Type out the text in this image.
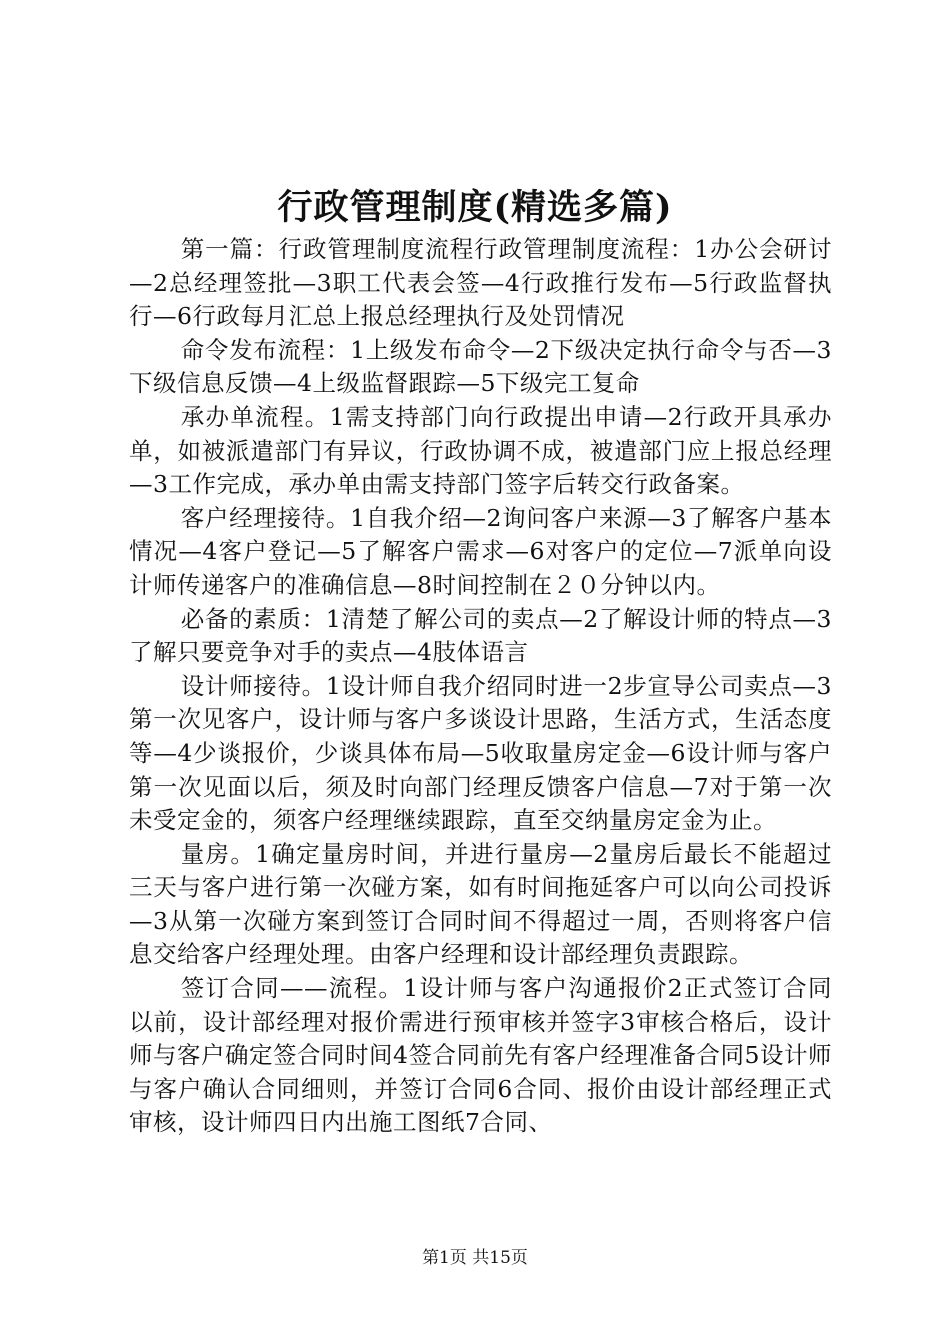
行政管理制度(精选多篇)

第一篇：行政管理制度流程行政管理制度流程：1办公会研讨—2总经理签批—3职工代表会签—4行政推行发布—5行政监督执行—6行政每月汇总上报总经理执行及处罚情况

命令发布流程：1上级发布命令—2下级决定执行命令与否—3下级信息反馈—4上级监督跟踪—5下级完工复命

承办单流程。1需支持部门向行政提出申请—2行政开具承办单，如被派遣部门有异议，行政协调不成，被遣部门应上报总经理—3工作完成，承办单由需支持部门签字后转交行政备案。

客户经理接待。1自我介绍—2询问客户来源—3了解客户基本情况—4客户登记—5了解客户需求—6对客户的定位—7派单向设计师传递客户的准确信息—8时间控制在２０分钟以内。

必备的素质：1清楚了解公司的卖点—2了解设计师的特点—3了解只要竞争对手的卖点—4肢体语言

设计师接待。1设计师自我介绍同时进一2步宣导公司卖点—3第一次见客户，设计师与客户多谈设计思路，生活方式，生活态度等—4少谈报价，少谈具体布局—5收取量房定金—6设计师与客户第一次见面以后，须及时向部门经理反馈客户信息—7对于第一次未受定金的，须客户经理继续跟踪，直至交纳量房定金为止。

量房。1确定量房时间，并进行量房—2量房后最长不能超过三天与客户进行第一次碰方案，如有时间拖延客户可以向公司投诉—3从第一次碰方案到签订合同时间不得超过一周，否则将客户信息交给客户经理处理。由客户经理和设计部经理负责跟踪。

签订合同——流程。1设计师与客户沟通报价2正式签订合同以前，设计部经理对报价需进行预审核并签字3审核合格后，设计师与客户确定签合同时间4签合同前先有客户经理准备合同5设计师与客户确认合同细则，并签订合同6合同、报价由设计部经理正式审核，设计师四日内出施工图纸7合同、

第1页 共15页
